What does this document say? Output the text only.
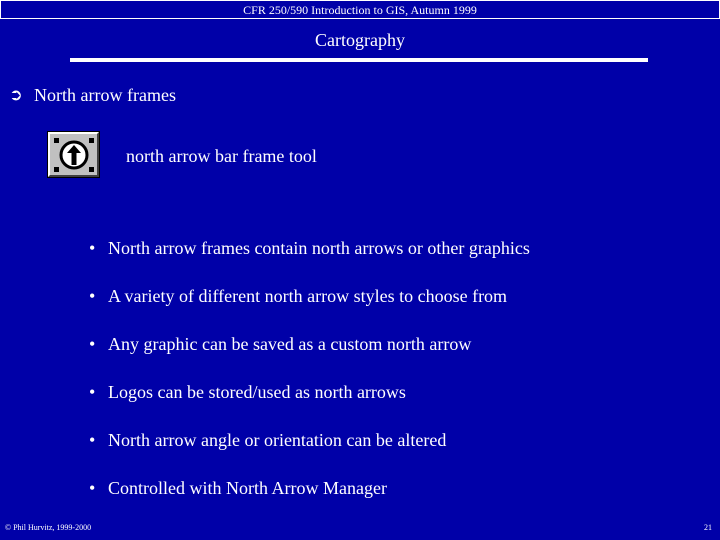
CFR 250/590 Introduction to GIS, Autumn 1999
Cartography
➲ North arrow frames
north arrow bar frame tool
• North arrow frames contain north arrows or other graphics
• A variety of different north arrow styles to choose from
• Any graphic can be saved as a custom north arrow
• Logos can be stored/used as north arrows
• North arrow angle or orientation can be altered
• Controlled with North Arrow Manager
© Phil Hurvitz, 1999-2000	21
